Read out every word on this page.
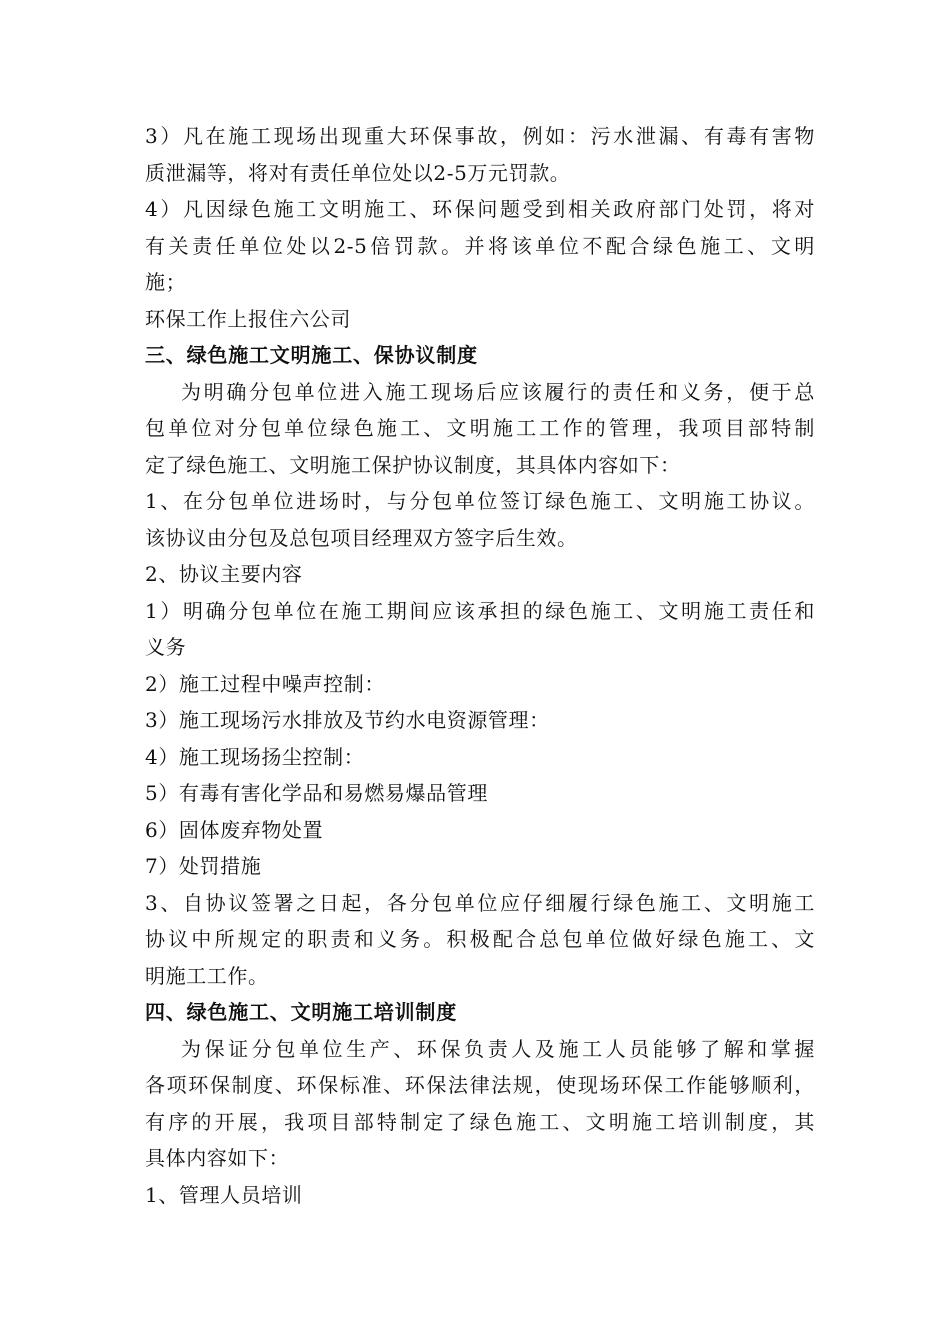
3）凡在施工现场出现重大环保事故，例如：污水泄漏、有毒有害物
质泄漏等，将对有责任单位处以2-5万元罚款。
4）凡因绿色施工文明施工、环保问题受到相关政府部门处罚，将对
有关责任单位处以2-5倍罚款。并将该单位不配合绿色施工、文明
施；
环保工作上报住六公司
三、绿色施工文明施工、保协议制度
为明确分包单位进入施工现场后应该履行的责任和义务，便于总
包单位对分包单位绿色施工、文明施工工作的管理，我项目部特制
定了绿色施工、文明施工保护协议制度，其具体内容如下：
1、在分包单位进场时，与分包单位签订绿色施工、文明施工协议。
该协议由分包及总包项目经理双方签字后生效。
2、协议主要内容
1）明确分包单位在施工期间应该承担的绿色施工、文明施工责任和
义务
2）施工过程中噪声控制：
3）施工现场污水排放及节约水电资源管理：
4）施工现场扬尘控制：
5）有毒有害化学品和易燃易爆品管理
6）固体废弃物处置
7）处罚措施
3、自协议签署之日起，各分包单位应仔细履行绿色施工、文明施工
协议中所规定的职责和义务。积极配合总包单位做好绿色施工、文
明施工工作。
四、绿色施工、文明施工培训制度
为保证分包单位生产、环保负责人及施工人员能够了解和掌握
各项环保制度、环保标准、环保法律法规，使现场环保工作能够顺利，
有序的开展，我项目部特制定了绿色施工、文明施工培训制度，其
具体内容如下：
1、管理人员培训
